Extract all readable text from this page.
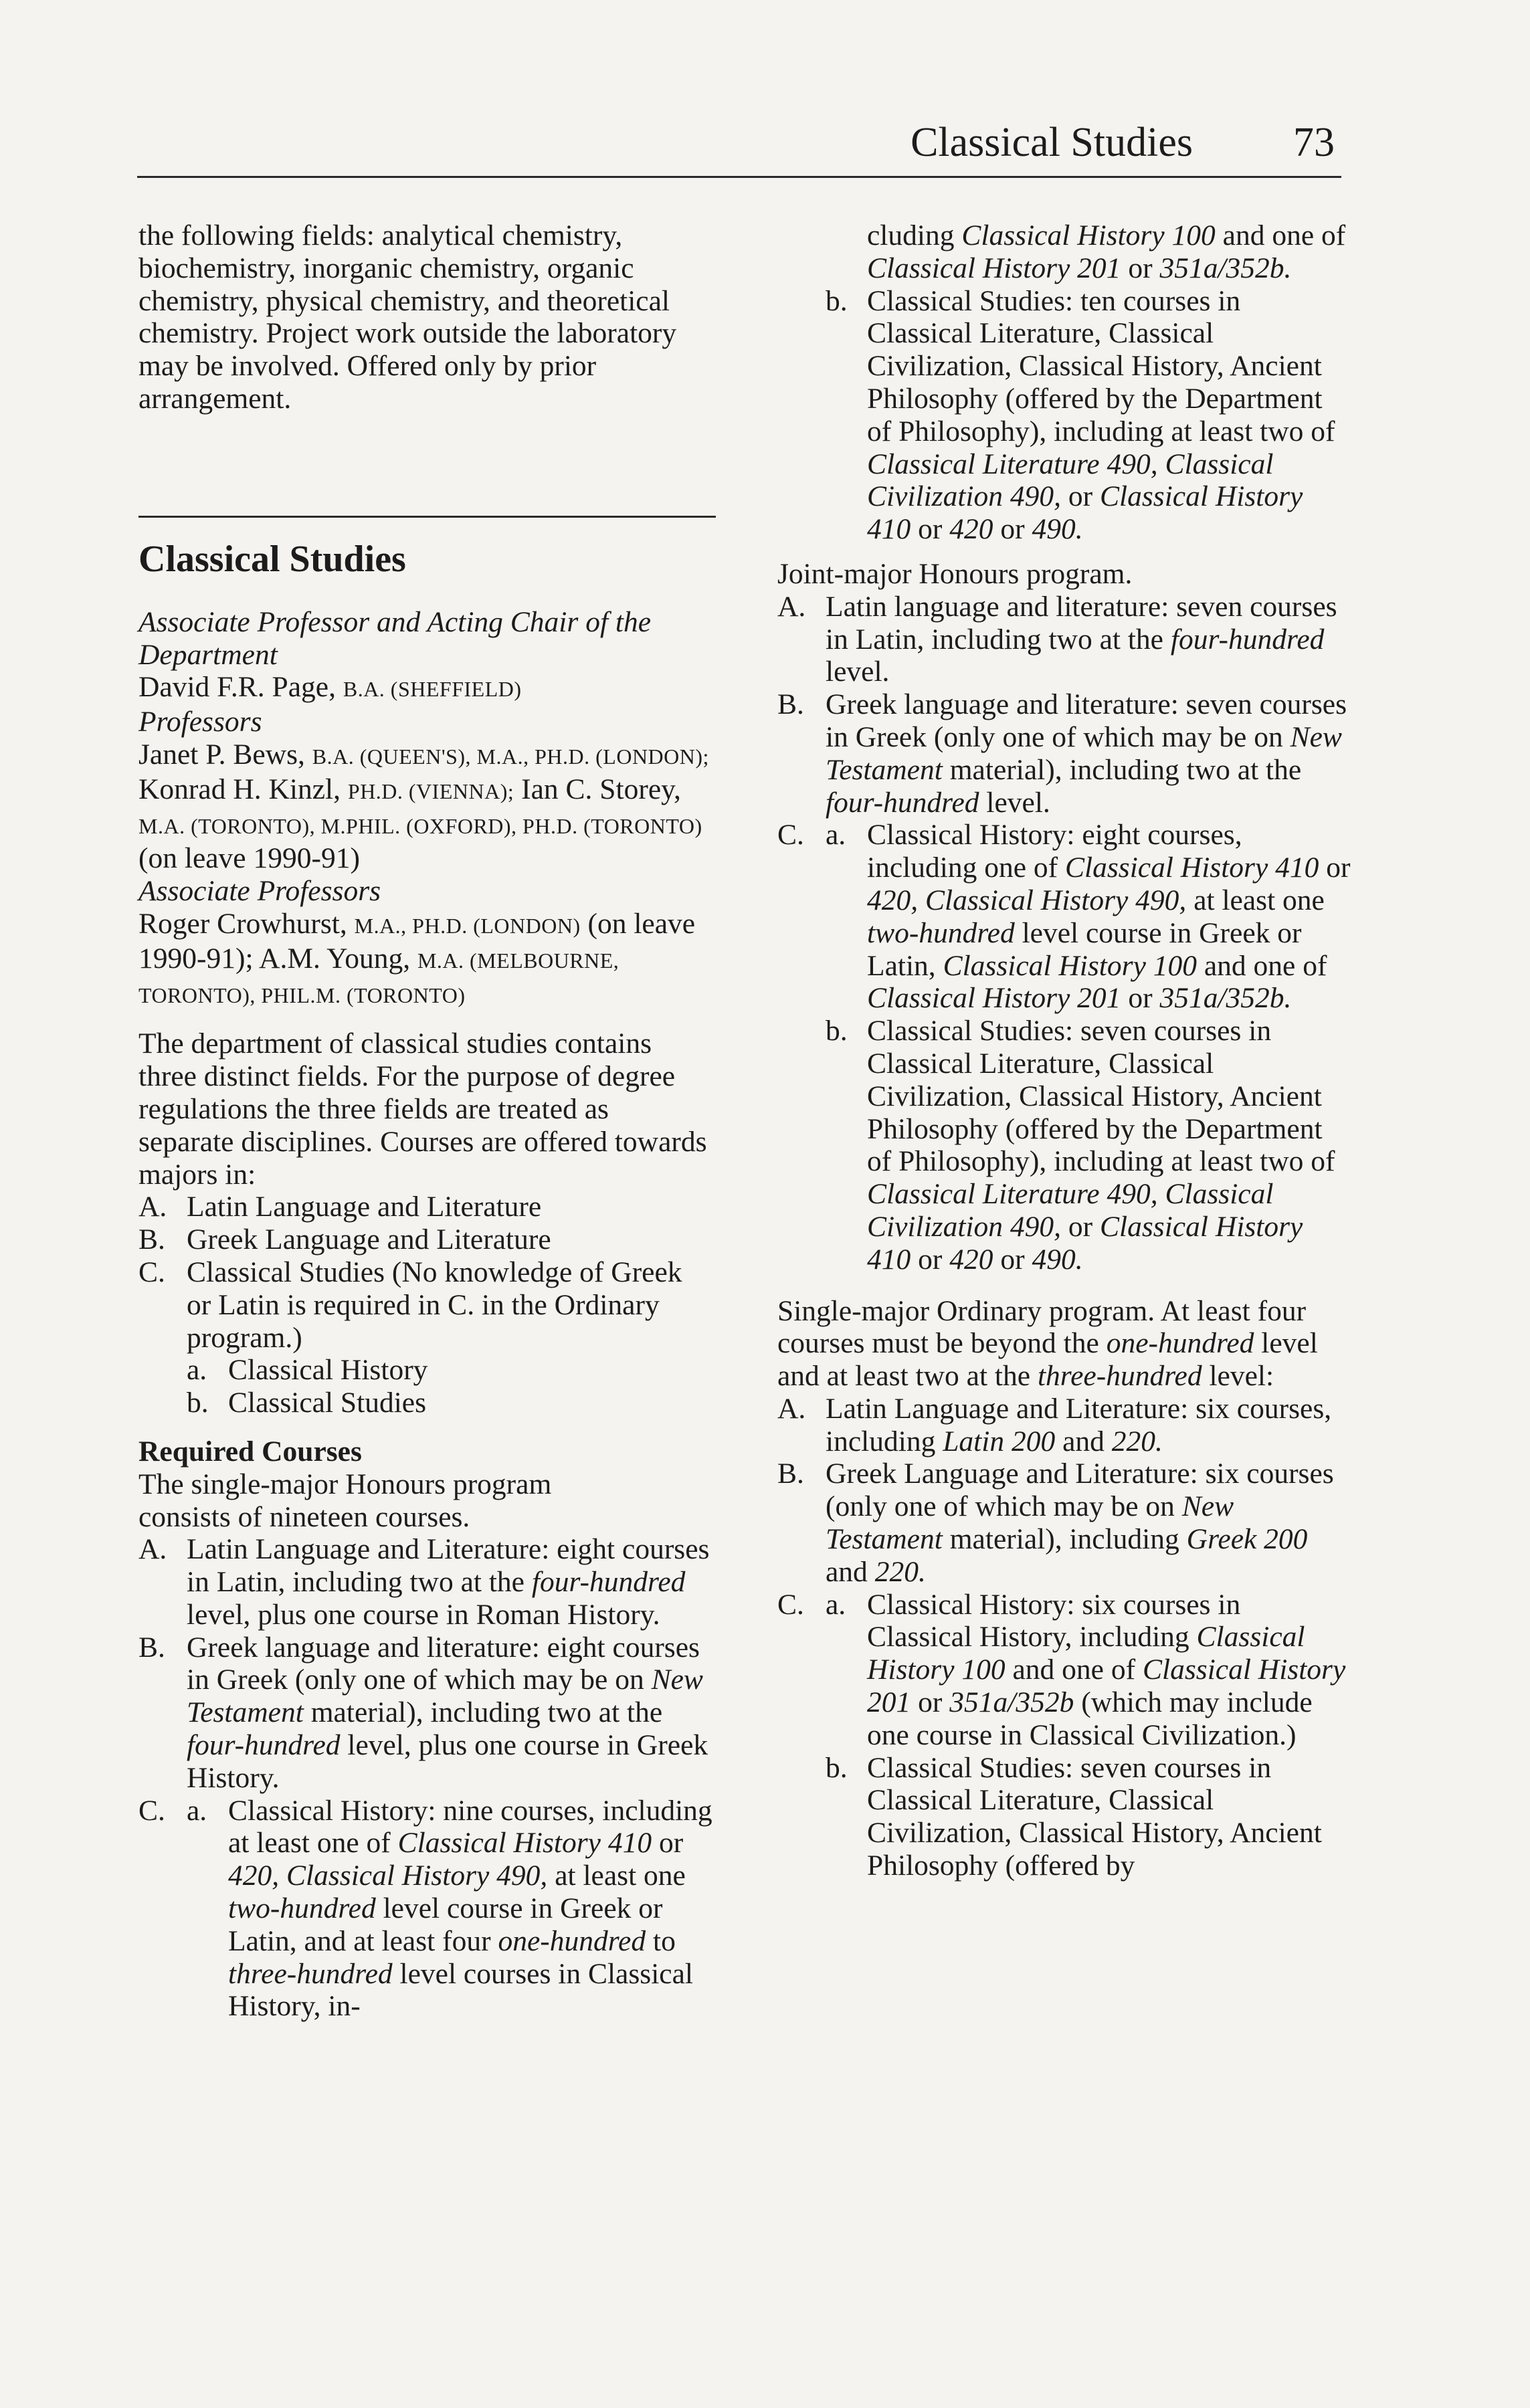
Classical Studies 73

the following fields: analytical chemistry, biochemistry, inorganic chemistry, organic chemistry, physical chemistry, and theoretical chemistry. Project work outside the laboratory may be involved. Offered only by prior arrangement.

Classical Studies

Associate Professor and Acting Chair of the Department

David F.R. Page, B.A. (SHEFFIELD)

Professors

Janet P. Bews, B.A. (QUEEN'S), M.A., PH.D. (LONDON); Konrad H. Kinzl, PH.D. (VIENNA); Ian C. Storey, M.A. (TORONTO), M.PHIL. (OXFORD), PH.D. (TORONTO) (on leave 1990-91)

Associate Professors

Roger Crowhurst, M.A., PH.D. (LONDON) (on leave 1990-91); A.M. Young, M.A. (MELBOURNE, TORONTO), PHIL.M. (TORONTO)

The department of classical studies contains three distinct fields. For the purpose of degree regulations the three fields are treated as separate disciplines. Courses are offered towards majors in:

A. Latin Language and Literature
B. Greek Language and Literature
C. Classical Studies (No knowledge of Greek or Latin is required in C. in the Ordinary program.)
a. Classical History
b. Classical Studies

Required Courses

The single-major Honours program consists of nineteen courses.

A. Latin Language and Literature: eight courses in Latin, including two at the four-hundred level, plus one course in Roman History.
B. Greek language and literature: eight courses in Greek (only one of which may be on New Testament material), including two at the four-hundred level, plus one course in Greek History.
C. a. Classical History: nine courses, including at least one of Classical History 410 or 420, Classical History 490, at least one two-hundred level course in Greek or Latin, and at least four one-hundred to three-hundred level courses in Classical History, in-

cluding Classical History 100 and one of Classical History 201 or 351a/352b.

b. Classical Studies: ten courses in Classical Literature, Classical Civilization, Classical History, Ancient Philosophy (offered by the Department of Philosophy), including at least two of Classical Literature 490, Classical Civilization 490, or Classical History 410 or 420 or 490.

Joint-major Honours program.

A. Latin language and literature: seven courses in Latin, including two at the four-hundred level.
B. Greek language and literature: seven courses in Greek (only one of which may be on New Testament material), including two at the four-hundred level.
C. a. Classical History: eight courses, including one of Classical History 410 or 420, Classical History 490, at least one two-hundred level course in Greek or Latin, Classical History 100 and one of Classical History 201 or 351a/352b.
b. Classical Studies: seven courses in Classical Literature, Classical Civilization, Classical History, Ancient Philosophy (offered by the Department of Philosophy), including at least two of Classical Literature 490, Classical Civilization 490, or Classical History 410 or 420 or 490.

Single-major Ordinary program. At least four courses must be beyond the one-hundred level and at least two at the three-hundred level:

A. Latin Language and Literature: six courses, including Latin 200 and 220.
B. Greek Language and Literature: six courses (only one of which may be on New Testament material), including Greek 200 and 220.
C. a. Classical History: six courses in Classical History, including Classical History 100 and one of Classical History 201 or 351a/352b (which may include one course in Classical Civilization.)
b. Classical Studies: seven courses in Classical Literature, Classical Civilization, Classical History, Ancient Philosophy (offered by
